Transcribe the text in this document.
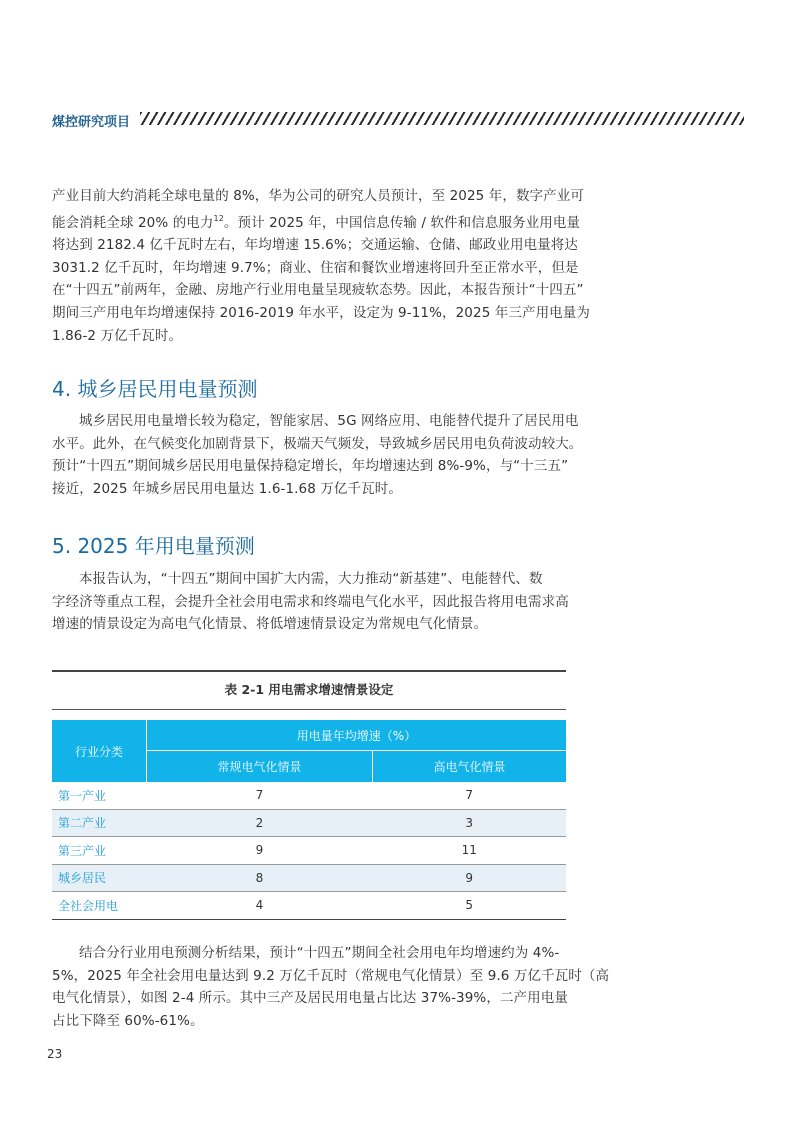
煤控研究项目

产业目前大约消耗全球电量的 8%，华为公司的研究人员预计，至 2025 年，数字产业可
能会消耗全球 20% 的电力$^{12}$。预计 2025 年，中国信息传输 / 软件和信息服务业用电量
将达到 2182.4 亿千瓦时左右，年均增速 15.6%；交通运输、仓储、邮政业用电量将达
3031.2 亿千瓦时，年均增速 9.7%；商业、住宿和餐饮业增速将回升至正常水平，但是
在“十四五”前两年，金融、房地产行业用电量呈现疲软态势。因此，本报告预计“十四五”
期间三产用电年均增速保持 2016-2019 年水平，设定为 9-11%，2025 年三产用电量为
1.86-2 万亿千瓦时。

4. 城乡居民用电量预测

城乡居民用电量增长较为稳定，智能家居、5G 网络应用、电能替代提升了居民用电
水平。此外，在气候变化加剧背景下，极端天气频发，导致城乡居民用电负荷波动较大。
预计“十四五”期间城乡居民用电量保持稳定增长，年均增速达到 8%-9%，与“十三五”
接近，2025 年城乡居民用电量达 1.6-1.68 万亿千瓦时。

5. 2025 年用电量预测

本报告认为，“十四五”期间中国扩大内需，大力推动“新基建”、电能替代、数
字经济等重点工程，会提升全社会用电需求和终端电气化水平，因此报告将用电需求高
增速的情景设定为高电气化情景、将低增速情景设定为常规电气化情景。

表 2-1 用电需求增速情景设定
行业分类	用电量年均增速（%）	
	常规电气化情景	高电气化情景
第一产业	7	7
第二产业	2	3
第三产业	9	11
城乡居民	8	9
全社会用电	4	5

结合分行业用电预测分析结果，预计“十四五”期间全社会用电年均增速约为 4%-
5%，2025 年全社会用电量达到 9.2 万亿千瓦时（常规电气化情景）至 9.6 万亿千瓦时（高
电气化情景），如图 2-4 所示。其中三产及居民用电量占比达 37%-39%，二产用电量
占比下降至 60%-61%。

23
